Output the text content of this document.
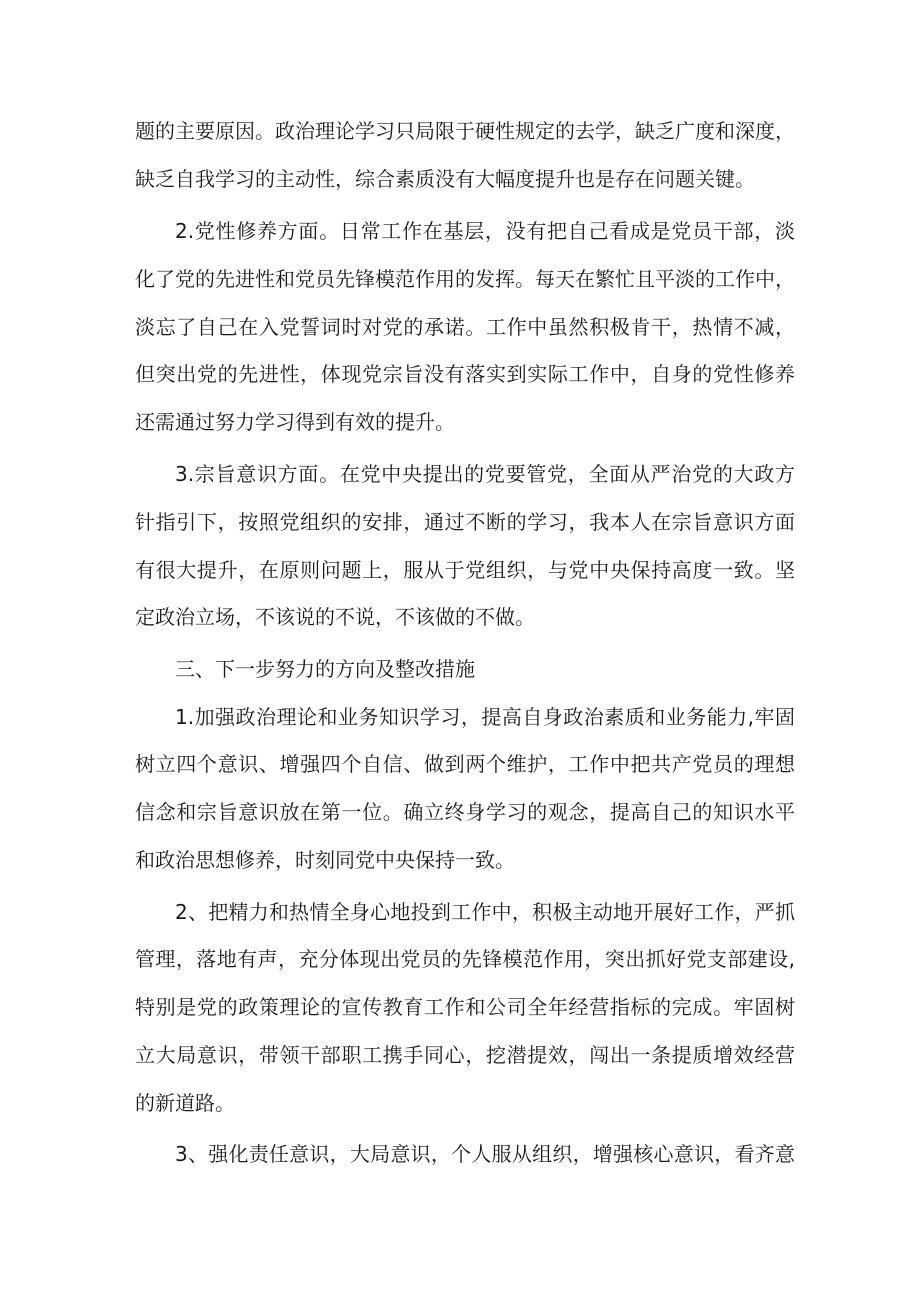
题的主要原因。政治理论学习只局限于硬性规定的去学，缺乏广度和深度，
缺乏自我学习的主动性，综合素质没有大幅度提升也是存在问题关键。
2.党性修养方面。日常工作在基层，没有把自己看成是党员干部，淡
化了党的先进性和党员先锋模范作用的发挥。每天在繁忙且平淡的工作中，
淡忘了自己在入党誓词时对党的承诺。工作中虽然积极肯干，热情不减，
但突出党的先进性，体现党宗旨没有落实到实际工作中，自身的党性修养
还需通过努力学习得到有效的提升。
3.宗旨意识方面。在党中央提出的党要管党，全面从严治党的大政方
针指引下，按照党组织的安排，通过不断的学习，我本人在宗旨意识方面
有很大提升，在原则问题上，服从于党组织，与党中央保持高度一致。坚
定政治立场，不该说的不说，不该做的不做。
三、下一步努力的方向及整改措施
1.加强政治理论和业务知识学习，提高自身政治素质和业务能力,牢固
树立四个意识、增强四个自信、做到两个维护，工作中把共产党员的理想
信念和宗旨意识放在第一位。确立终身学习的观念，提高自己的知识水平
和政治思想修养，时刻同党中央保持一致。
2、把精力和热情全身心地投到工作中，积极主动地开展好工作，严抓
管理，落地有声，充分体现出党员的先锋模范作用，突出抓好党支部建设,
特别是党的政策理论的宣传教育工作和公司全年经营指标的完成。牢固树
立大局意识，带领干部职工携手同心，挖潜提效，闯出一条提质增效经营
的新道路。
3、强化责任意识，大局意识，个人服从组织，增强核心意识，看齐意
